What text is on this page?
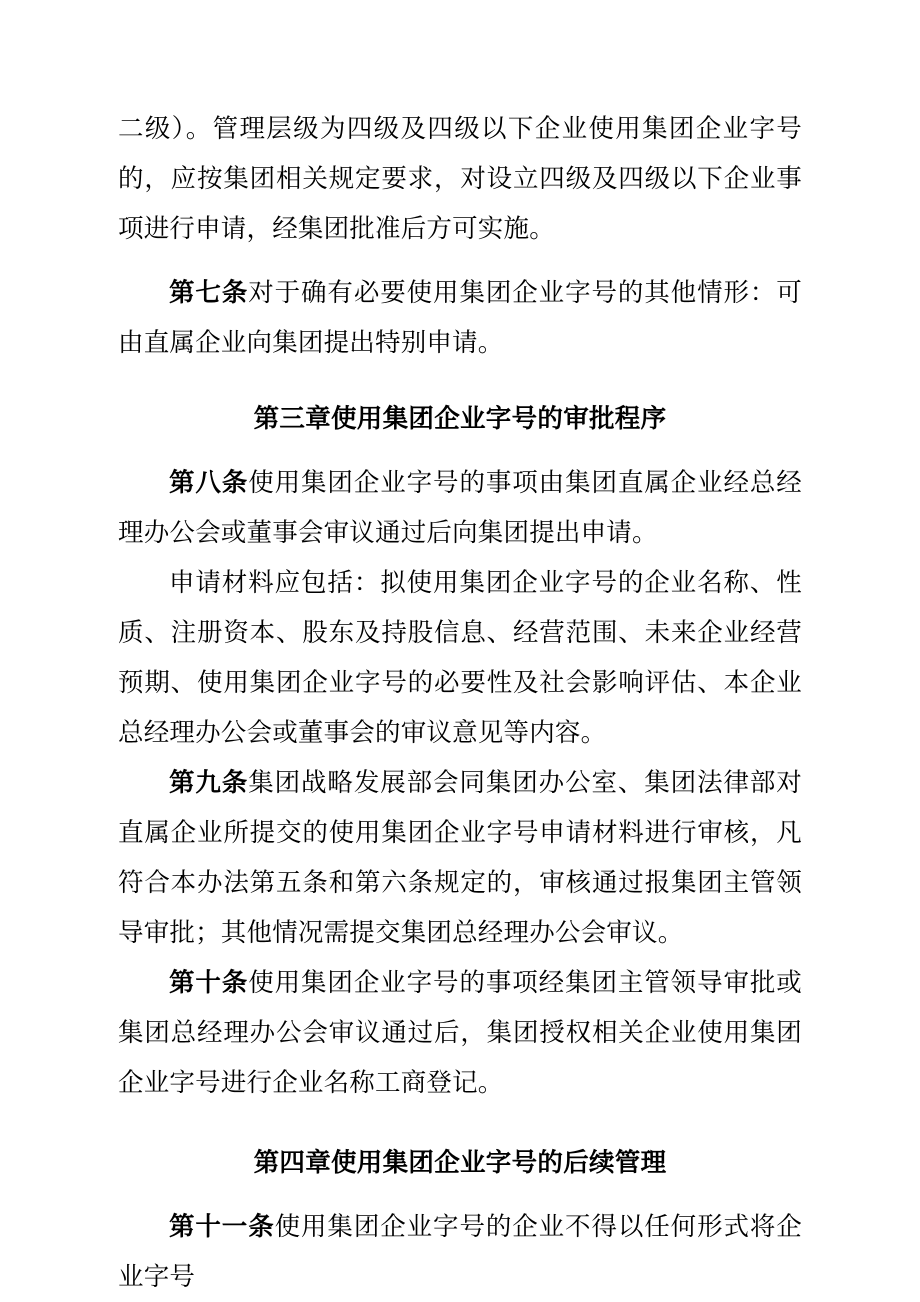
二级）。管理层级为四级及四级以下企业使用集团企业字号的，应按集团相关规定要求，对设立四级及四级以下企业事项进行申请，经集团批准后方可实施。

第七条对于确有必要使用集团企业字号的其他情形：可由直属企业向集团提出特别申请。

第三章使用集团企业字号的审批程序

第八条使用集团企业字号的事项由集团直属企业经总经理办公会或董事会审议通过后向集团提出申请。

申请材料应包括：拟使用集团企业字号的企业名称、性质、注册资本、股东及持股信息、经营范围、未来企业经营预期、使用集团企业字号的必要性及社会影响评估、本企业总经理办公会或董事会的审议意见等内容。

第九条集团战略发展部会同集团办公室、集团法律部对直属企业所提交的使用集团企业字号申请材料进行审核，凡符合本办法第五条和第六条规定的，审核通过报集团主管领导审批；其他情况需提交集团总经理办公会审议。

第十条使用集团企业字号的事项经集团主管领导审批或集团总经理办公会审议通过后，集团授权相关企业使用集团企业字号进行企业名称工商登记。

第四章使用集团企业字号的后续管理

第十一条使用集团企业字号的企业不得以任何形式将企业字号
